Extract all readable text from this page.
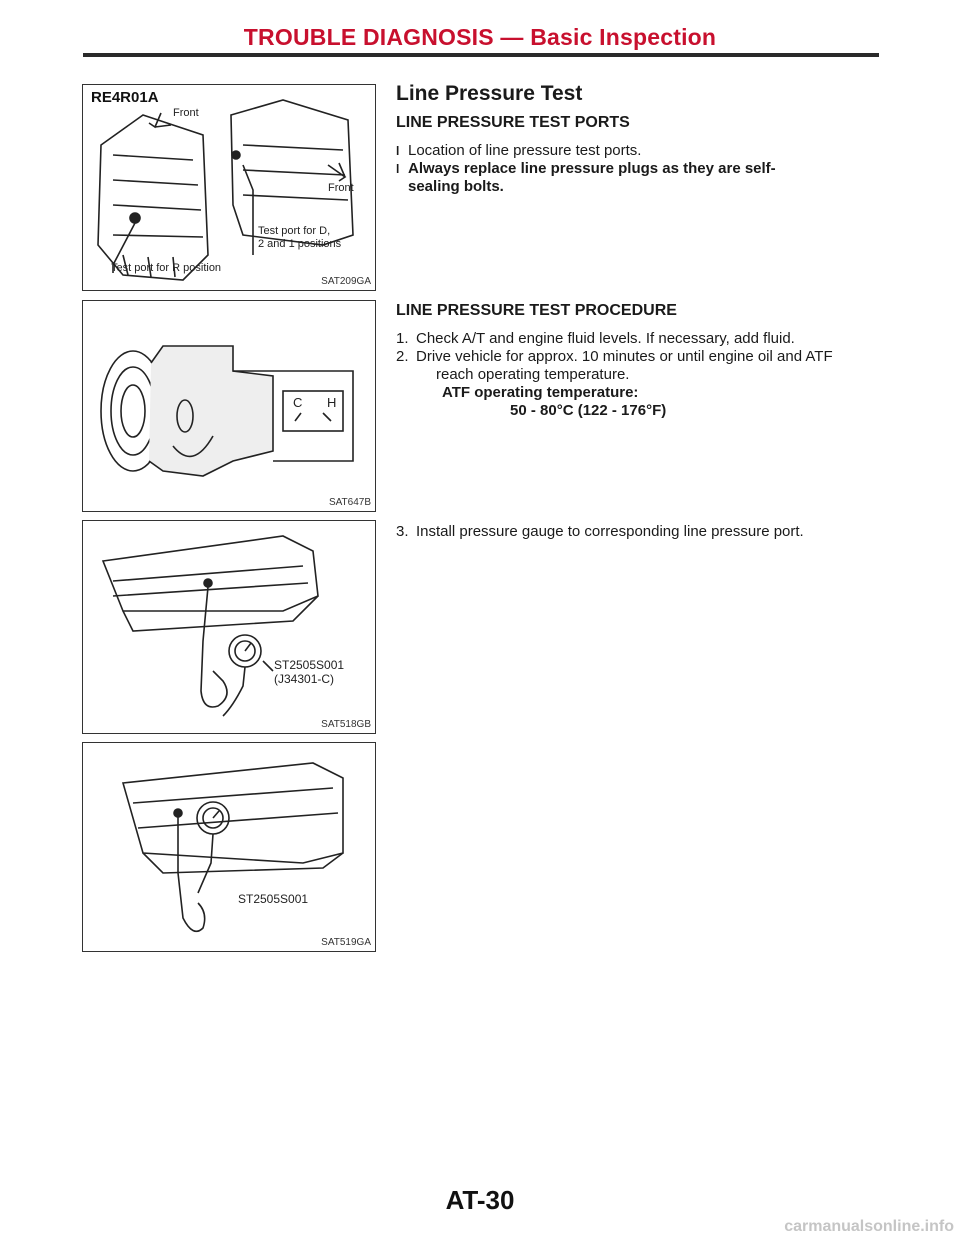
TROUBLE DIAGNOSIS — Basic Inspection
RE4R01A
Front
Front
Test port for D,
2 and 1 positions
Test port for R position
SAT209GA
C H
SAT647B
ST2505S001
(J34301-C)
SAT518GB
ST2505S001
SAT519GA
Line Pressure Test
LINE PRESSURE TEST PORTS
l Location of line pressure test ports.
l Always replace line pressure plugs as they are self-
sealing bolts.
LINE PRESSURE TEST PROCEDURE
1. Check A/T and engine fluid levels. If necessary, add fluid.
2. Drive vehicle for approx. 10 minutes or until engine oil and ATF
reach operating temperature.
ATF operating temperature:
50 - 80°C (122 - 176°F)
3. Install pressure gauge to corresponding line pressure port.
AT-30
carmanualsonline.info
